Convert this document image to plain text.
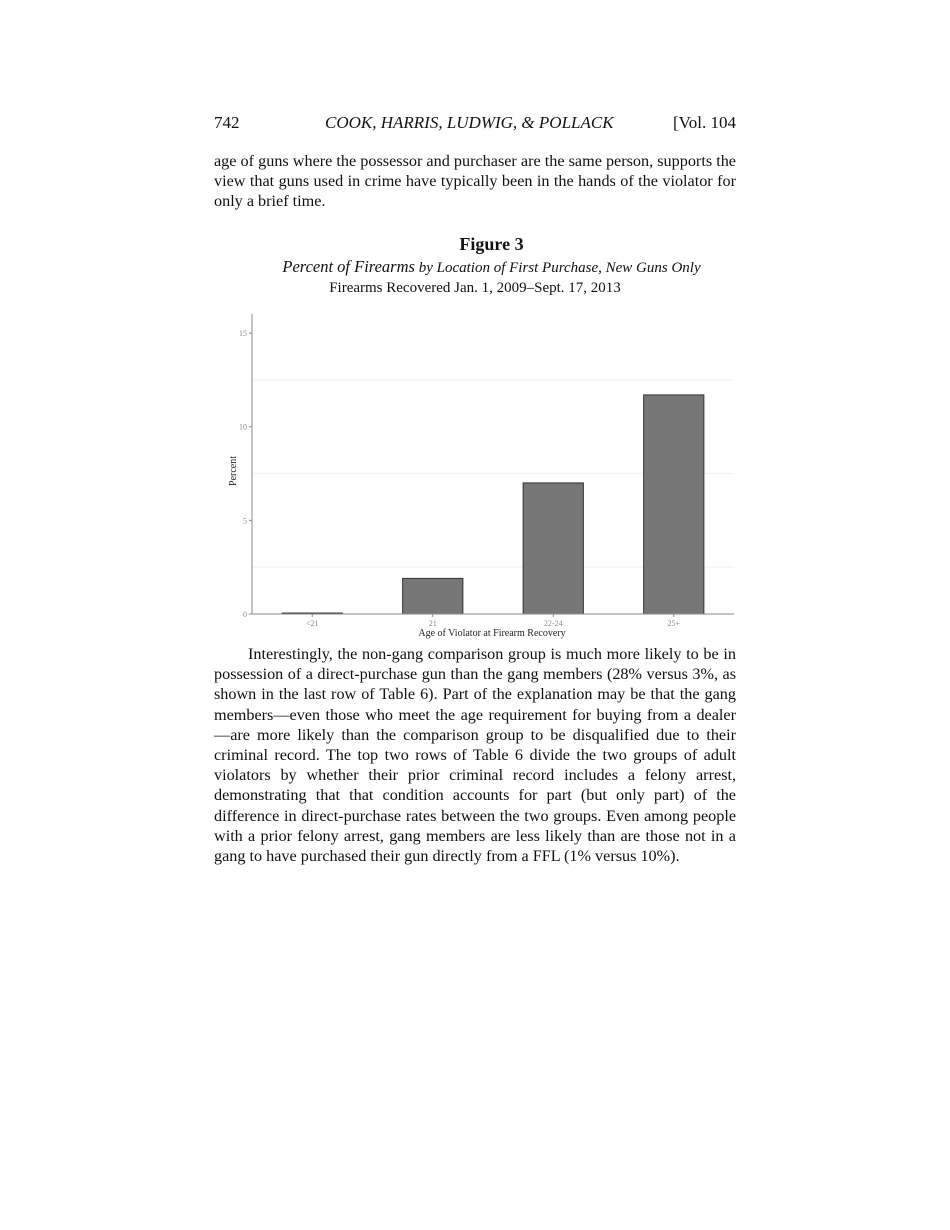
742	COOK, HARRIS, LUDWIG, & POLLACK	[Vol. 104

age of guns where the possessor and purchaser are the same person, supports the view that guns used in crime have typically been in the hands of the violator for only a brief time.

Figure 3
Percent of Firearms by Location of First Purchase, New Guns Only
Firearms Recovered Jan. 1, 2009–Sept. 17, 2013
0
5
10
15
<21	21	22-24	25+
Age of Violator at Firearm Recovery
Percent

Interestingly, the non-gang comparison group is much more likely to be in possession of a direct-purchase gun than the gang members (28% versus 3%, as shown in the last row of Table 6). Part of the explanation may be that the gang members—even those who meet the age requirement for buying from a dealer—are more likely than the comparison group to be disqualified due to their criminal record. The top two rows of Table 6 divide the two groups of adult violators by whether their prior criminal record includes a felony arrest, demonstrating that that condition accounts for part (but only part) of the difference in direct-purchase rates between the two groups. Even among people with a prior felony arrest, gang members are less likely than are those not in a gang to have purchased their gun directly from a FFL (1% versus 10%).
